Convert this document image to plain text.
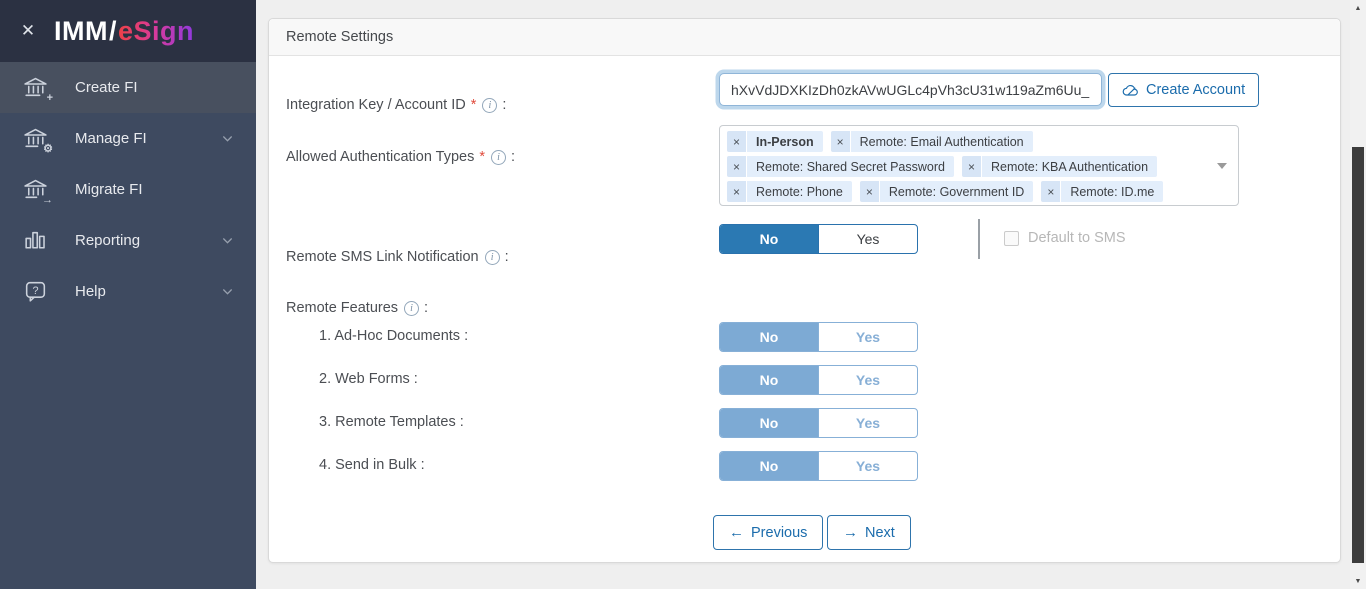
✕ IMM/eSign
+
Create FI
⚙
Manage FI
→
Migrate FI
Reporting
? Help
Remote Settings
Integration Key / Account ID *	i :
hXvVdJDXKIzDh0zkAVwUGLc4pVh3cU31w119aZm6Uu_
Create Account
Allowed Authentication Types *	i :
×	In-Person	×	Remote: Email Authentication
×	Remote: Shared Secret Password	×	Remote: KBA Authentication
×	Remote: Phone	×	Remote: Government ID	×	Remote: ID.me
Remote SMS Link Notification	i :
No	Yes	Default to SMS
Remote Features	i :
1. Ad-Hoc Documents :	No	Yes
2. Web Forms :	No	Yes
3. Remote Templates :	No	Yes
4. Send in Bulk :	No	Yes
← Previous → Next
▲
▼
